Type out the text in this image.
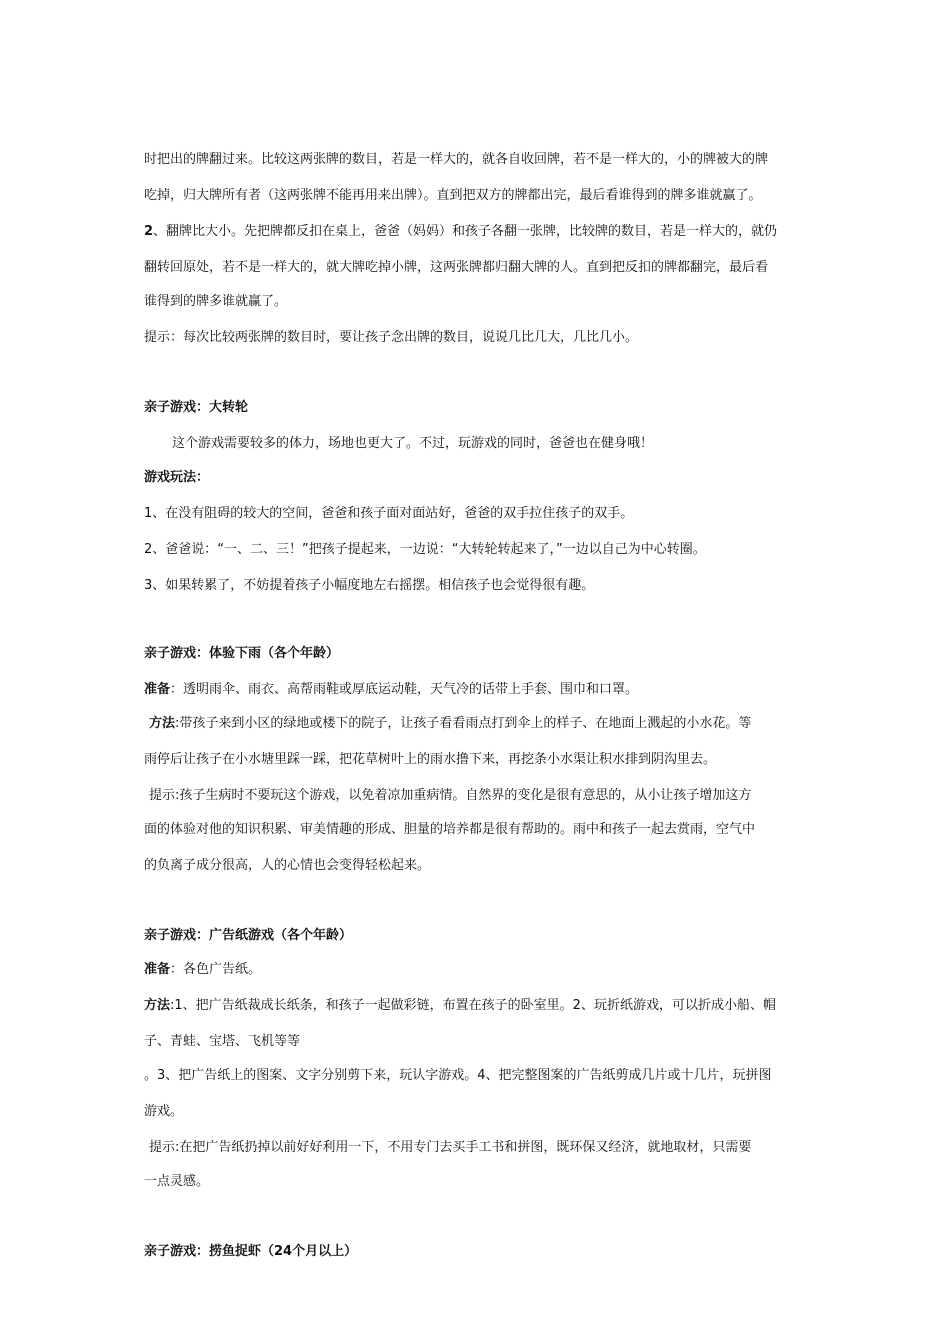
时把出的牌翻过来。比较这两张牌的数目，若是一样大的，就各自收回牌，若不是一样大的，小的牌被大的牌
吃掉，归大牌所有者（这两张牌不能再用来出牌）。直到把双方的牌都出完，最后看谁得到的牌多谁就赢了。
2、翻牌比大小。先把牌都反扣在桌上，爸爸（妈妈）和孩子各翻一张牌，比较牌的数目，若是一样大的，就仍
翻转回原处，若不是一样大的，就大牌吃掉小牌，这两张牌都归翻大牌的人。直到把反扣的牌都翻完，最后看
谁得到的牌多谁就赢了。
提示：每次比较两张牌的数目时，要让孩子念出牌的数目，说说几比几大，几比几小。
亲子游戏：大转轮
这个游戏需要较多的体力，场地也更大了。不过，玩游戏的同时，爸爸也在健身哦！
游戏玩法：
1、在没有阻碍的较大的空间，爸爸和孩子面对面站好，爸爸的双手拉住孩子的双手。
2、爸爸说：“一、二、三！”把孩子提起来，一边说：“大转轮转起来了，”一边以自己为中心转圈。
3、如果转累了，不妨提着孩子小幅度地左右摇摆。相信孩子也会觉得很有趣。
亲子游戏：体验下雨（各个年龄）
准备：透明雨伞、雨衣、高帮雨鞋或厚底运动鞋，天气冷的话带上手套、围巾和口罩。
方法:带孩子来到小区的绿地或楼下的院子，让孩子看看雨点打到伞上的样子、在地面上溅起的小水花。等
雨停后让孩子在小水塘里踩一踩，把花草树叶上的雨水撸下来，再挖条小水渠让积水排到阴沟里去。
提示:孩子生病时不要玩这个游戏，以免着凉加重病情。自然界的变化是很有意思的，从小让孩子增加这方
面的体验对他的知识积累、审美情趣的形成、胆量的培养都是很有帮助的。雨中和孩子一起去赏雨，空气中
的负离子成分很高，人的心情也会变得轻松起来。
亲子游戏：广告纸游戏（各个年龄）
准备：各色广告纸。
方法:1、把广告纸裁成长纸条，和孩子一起做彩链，布置在孩子的卧室里。2、玩折纸游戏，可以折成小船、帽
子、青蛙、宝塔、飞机等等
。3、把广告纸上的图案、文字分别剪下来，玩认字游戏。4、把完整图案的广告纸剪成几片或十几片，玩拼图
游戏。
提示:在把广告纸扔掉以前好好利用一下，不用专门去买手工书和拼图，既环保又经济，就地取材，只需要
一点灵感。
亲子游戏：捞鱼捉虾（24个月以上）
